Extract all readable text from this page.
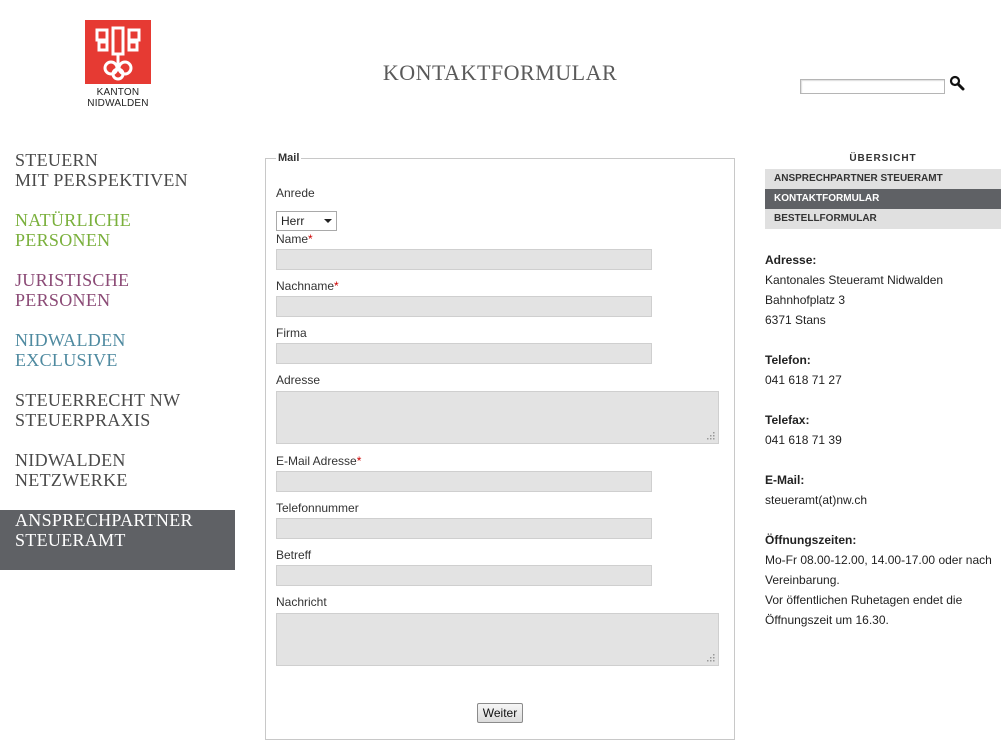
KANTON
NIDWALDEN
KONTAKTFORMULAR
STEUERN
MIT PERSPEKTIVEN
NATÜRLICHE
PERSONEN
JURISTISCHE
PERSONEN
NIDWALDEN
EXCLUSIVE
STEUERRECHT NW
STEUERPRAXIS
NIDWALDEN
NETZWERKE
ANSPRECHPARTNER
STEUERAMT
Mail
Anrede
Herr
Name*
Nachname*
Firma
Adresse
E-Mail Adresse*
Telefonnummer
Betreff
Nachricht
Weiter
ÜBERSICHT
ANSPRECHPARTNER STEUERAMT
KONTAKTFORMULAR
BESTELLFORMULAR
Adresse:
Kantonales Steueramt Nidwalden
Bahnhofplatz 3
6371 Stans
Telefon:
041 618 71 27
Telefax:
041 618 71 39
E-Mail:
steueramt(at)nw.ch
Öffnungszeiten:
Mo-Fr 08.00-12.00, 14.00-17.00 oder nach
Vereinbarung.
Vor öffentlichen Ruhetagen endet die
Öffnungszeit um 16.30.
